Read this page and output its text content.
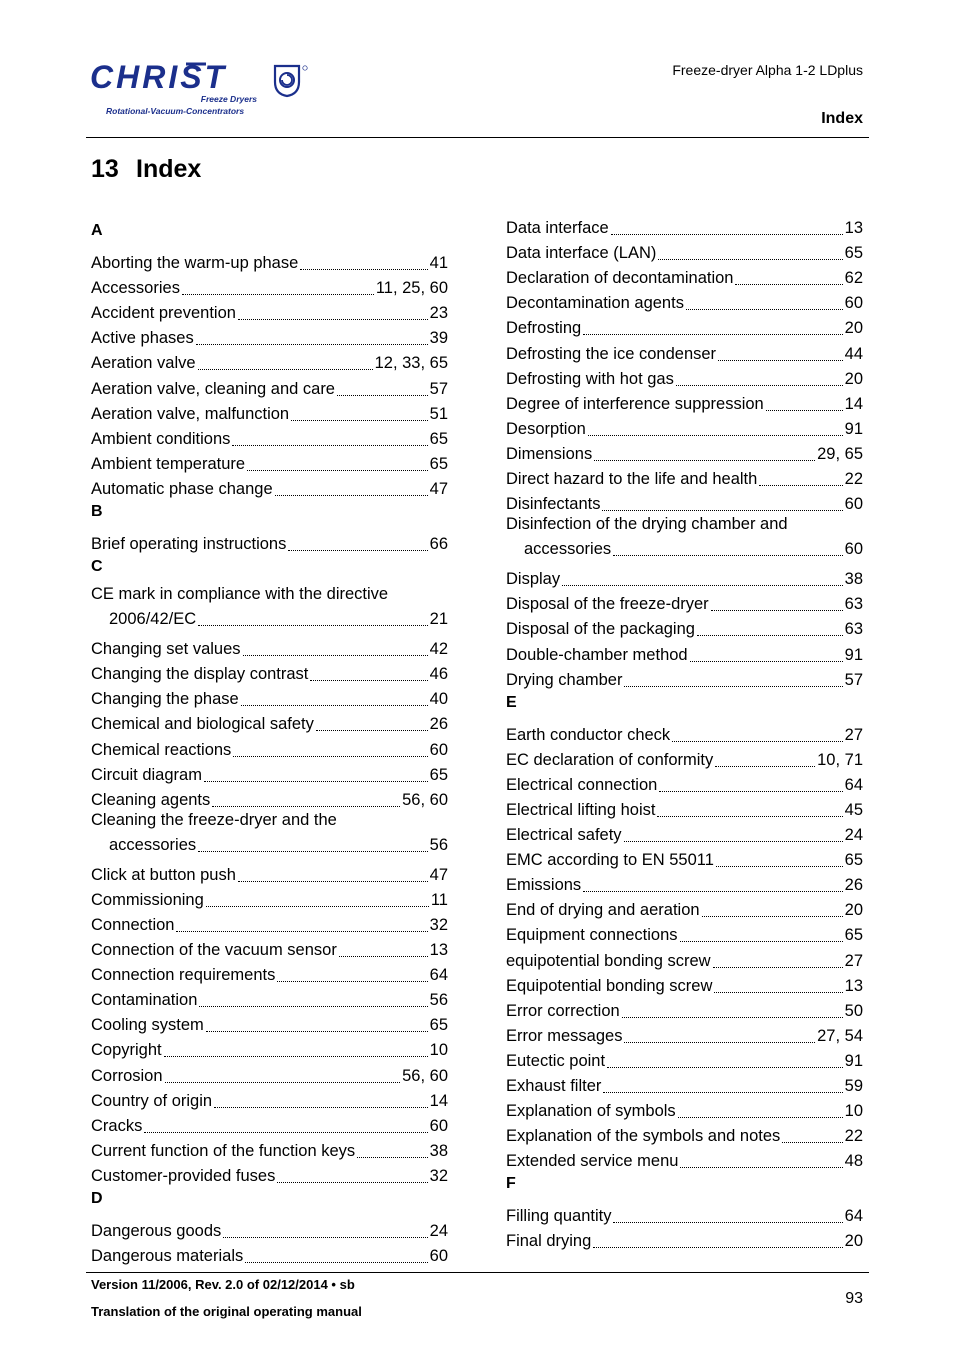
CHRIST
Freeze Dryers
Rotational-Vacuum-Concentrators
Freeze-dryer Alpha 1-2 LDplus
Index
13 Index
A
Aborting the warm-up phase	41
Accessories	11, 25, 60
Accident prevention	23
Active phases	39
Aeration valve	12, 33, 65
Aeration valve, cleaning and care	57
Aeration valve, malfunction	51
Ambient conditions	65
Ambient temperature	65
Automatic phase change	47
B
Brief operating instructions	66
C
CE mark in compliance with the directive
2006/42/EC	21
Changing set values	42
Changing the display contrast	46
Changing the phase	40
Chemical and biological safety	26
Chemical reactions	60
Circuit diagram	65
Cleaning agents	56, 60
Cleaning the freeze-dryer and the
accessories	56
Click at button push	47
Commissioning	11
Connection	32
Connection of the vacuum sensor	13
Connection requirements	64
Contamination	56
Cooling system	65
Copyright	10
Corrosion	56, 60
Country of origin	14
Cracks	60
Current function of the function keys	38
Customer-provided fuses	32
D
Dangerous goods	24
Dangerous materials	60
Data interface	13
Data interface (LAN)	65
Declaration of decontamination	62
Decontamination agents	60
Defrosting	20
Defrosting the ice condenser	44
Defrosting with hot gas	20
Degree of interference suppression	14
Desorption	91
Dimensions	29, 65
Direct hazard to the life and health	22
Disinfectants	60
Disinfection of the drying chamber and
accessories	60
Display	38
Disposal of the freeze-dryer	63
Disposal of the packaging	63
Double-chamber method	91
Drying chamber	57
E
Earth conductor check	27
EC declaration of conformity	10, 71
Electrical connection	64
Electrical lifting hoist	45
Electrical safety	24
EMC according to EN 55011	65
Emissions	26
End of drying and aeration	20
Equipment connections	65
equipotential bonding screw	27
Equipotential bonding screw	13
Error correction	50
Error messages	27, 54
Eutectic point	91
Exhaust filter	59
Explanation of symbols	10
Explanation of the symbols and notes	22
Extended service menu	48
F
Filling quantity	64
Final drying	20
Version 11/2006, Rev. 2.0 of 02/12/2014 • sb
Translation of the original operating manual
93
